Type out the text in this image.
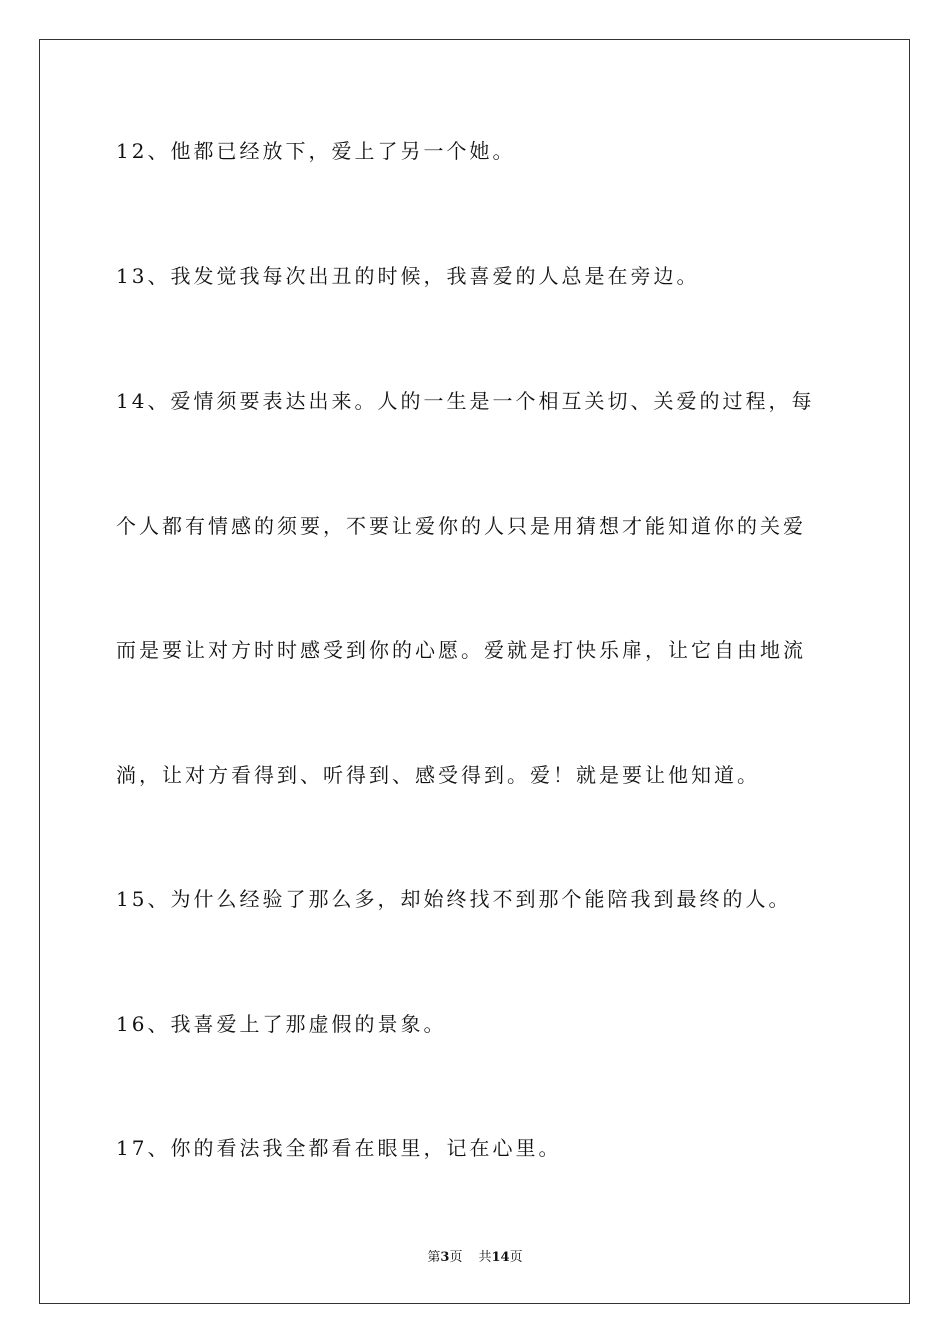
12、他都已经放下，爱上了另一个她。
13、我发觉我每次出丑的时候，我喜爱的人总是在旁边。
14、爱情须要表达出来。人的一生是一个相互关切、关爱的过程，每
个人都有情感的须要，不要让爱你的人只是用猜想才能知道你的关爱
而是要让对方时时感受到你的心愿。爱就是打快乐扉，让它自由地流
淌，让对方看得到、听得到、感受得到。爱！就是要让他知道。
15、为什么经验了那么多，却始终找不到那个能陪我到最终的人。
16、我喜爱上了那虚假的景象。
17、你的看法我全都看在眼里，记在心里。
第3页 共14页
